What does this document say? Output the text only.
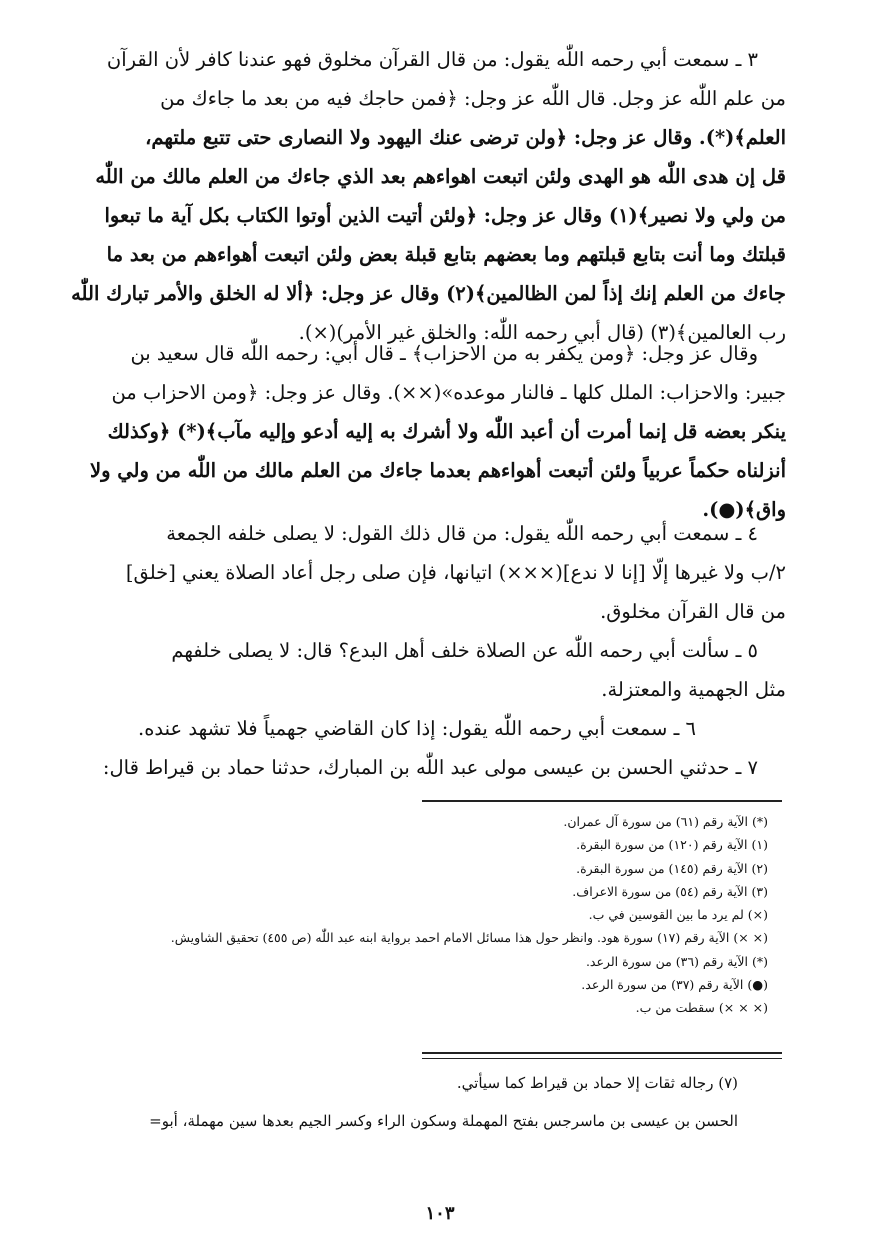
٣ ـ سمعت أبي رحمه اللّٰه يقول: من قال القرآن مخلوق فهو عندنا كافر لأن القرآن
من علم اللّٰه عز وجل. قال اللّٰه عز وجل: ﴿فمن حاجك فيه من بعد ما جاءك من
العلم﴾(*). وقال عز وجل: ﴿ولن ترضى عنك اليهود ولا النصارى حتى تتبع ملتهم،
قل إن هدى اللّٰه هو الهدى ولئن اتبعت اهواءهم بعد الذي جاءك من العلم مالك من اللّٰه
من ولي ولا نصير﴾(١) وقال عز وجل: ﴿ولئن أتيت الذين أوتوا الكتاب بكل آية ما تبعوا
قبلتك وما أنت بتابع قبلتهم وما بعضهم بتابع قبلة بعض ولئن اتبعت أهواءهم من بعد ما
جاءك من العلم إنك إذاً لمن الظالمين﴾(٢) وقال عز وجل: ﴿ألا له الخلق والأمر تبارك اللّٰه
رب العالمين﴾(٣) (قال أبي رحمه اللّٰه: والخلق غير الأمر)(×).
وقال عز وجل: ﴿ومن يكفر به من الاحزاب﴾ ـ قال أبي: رحمه اللّٰه قال سعيد بن
جبير: والاحزاب: الملل كلها ـ فالنار موعده»(××). وقال عز وجل: ﴿ومن الاحزاب من
ينكر بعضه قل إنما أمرت أن أعبد اللّٰه ولا أشرك به إليه أدعو وإليه مآب﴾(*) ﴿وكذلك
أنزلناه حكماً عربياً ولئن أتبعت أهواءهم بعدما جاءك من العلم مالك من اللّٰه من ولي ولا
واق﴾(●).
٤ ـ سمعت أبي رحمه اللّٰه يقول: من قال ذلك القول: لا يصلى خلفه الجمعة
٢/ب ولا غيرها إلّا [إنا لا ندع](×××) اتيانها، فإن صلى رجل أعاد الصلاة يعني [خلق]
من قال القرآن مخلوق.
٥ ـ سألت أبي رحمه اللّٰه عن الصلاة خلف أهل البدع؟ قال: لا يصلى خلفهم
مثل الجهمية والمعتزلة.
٦ ـ سمعت أبي رحمه اللّٰه يقول: إذا كان القاضي جهمياً فلا تشهد عنده.
٧ ـ حدثني الحسن بن عيسى مولى عبد اللّٰه بن المبارك، حدثنا حماد بن قيراط قال:
(*) الآية رقم (٦١) من سورة آل عمران.
(١) الآية رقم (١٢٠) من سورة البقرة.
(٢) الآية رقم (١٤٥) من سورة البقرة.
(٣) الآية رقم (٥٤) من سورة الاعراف.
(×) لم يرد ما بين القوسين في ب.
(× ×) الآية رقم (١٧) سورة هود. وانظر حول هذا مسائل الامام احمد برواية ابنه عبد اللّٰه (ص ٤٥٥) تحقيق الشاويش.
(*) الآية رقم (٣٦) من سورة الرعد.
(●) الآية رقم (٣٧) من سورة الرعد.
(× × ×) سقطت من ب.
(٧) رجاله ثقات إلا حماد بن قيراط كما سيأتي.
الحسن بن عيسى بن ماسرجس بفتح المهملة وسكون الراء وكسر الجيم بعدها سين مهملة، أبو=
١٠٣
